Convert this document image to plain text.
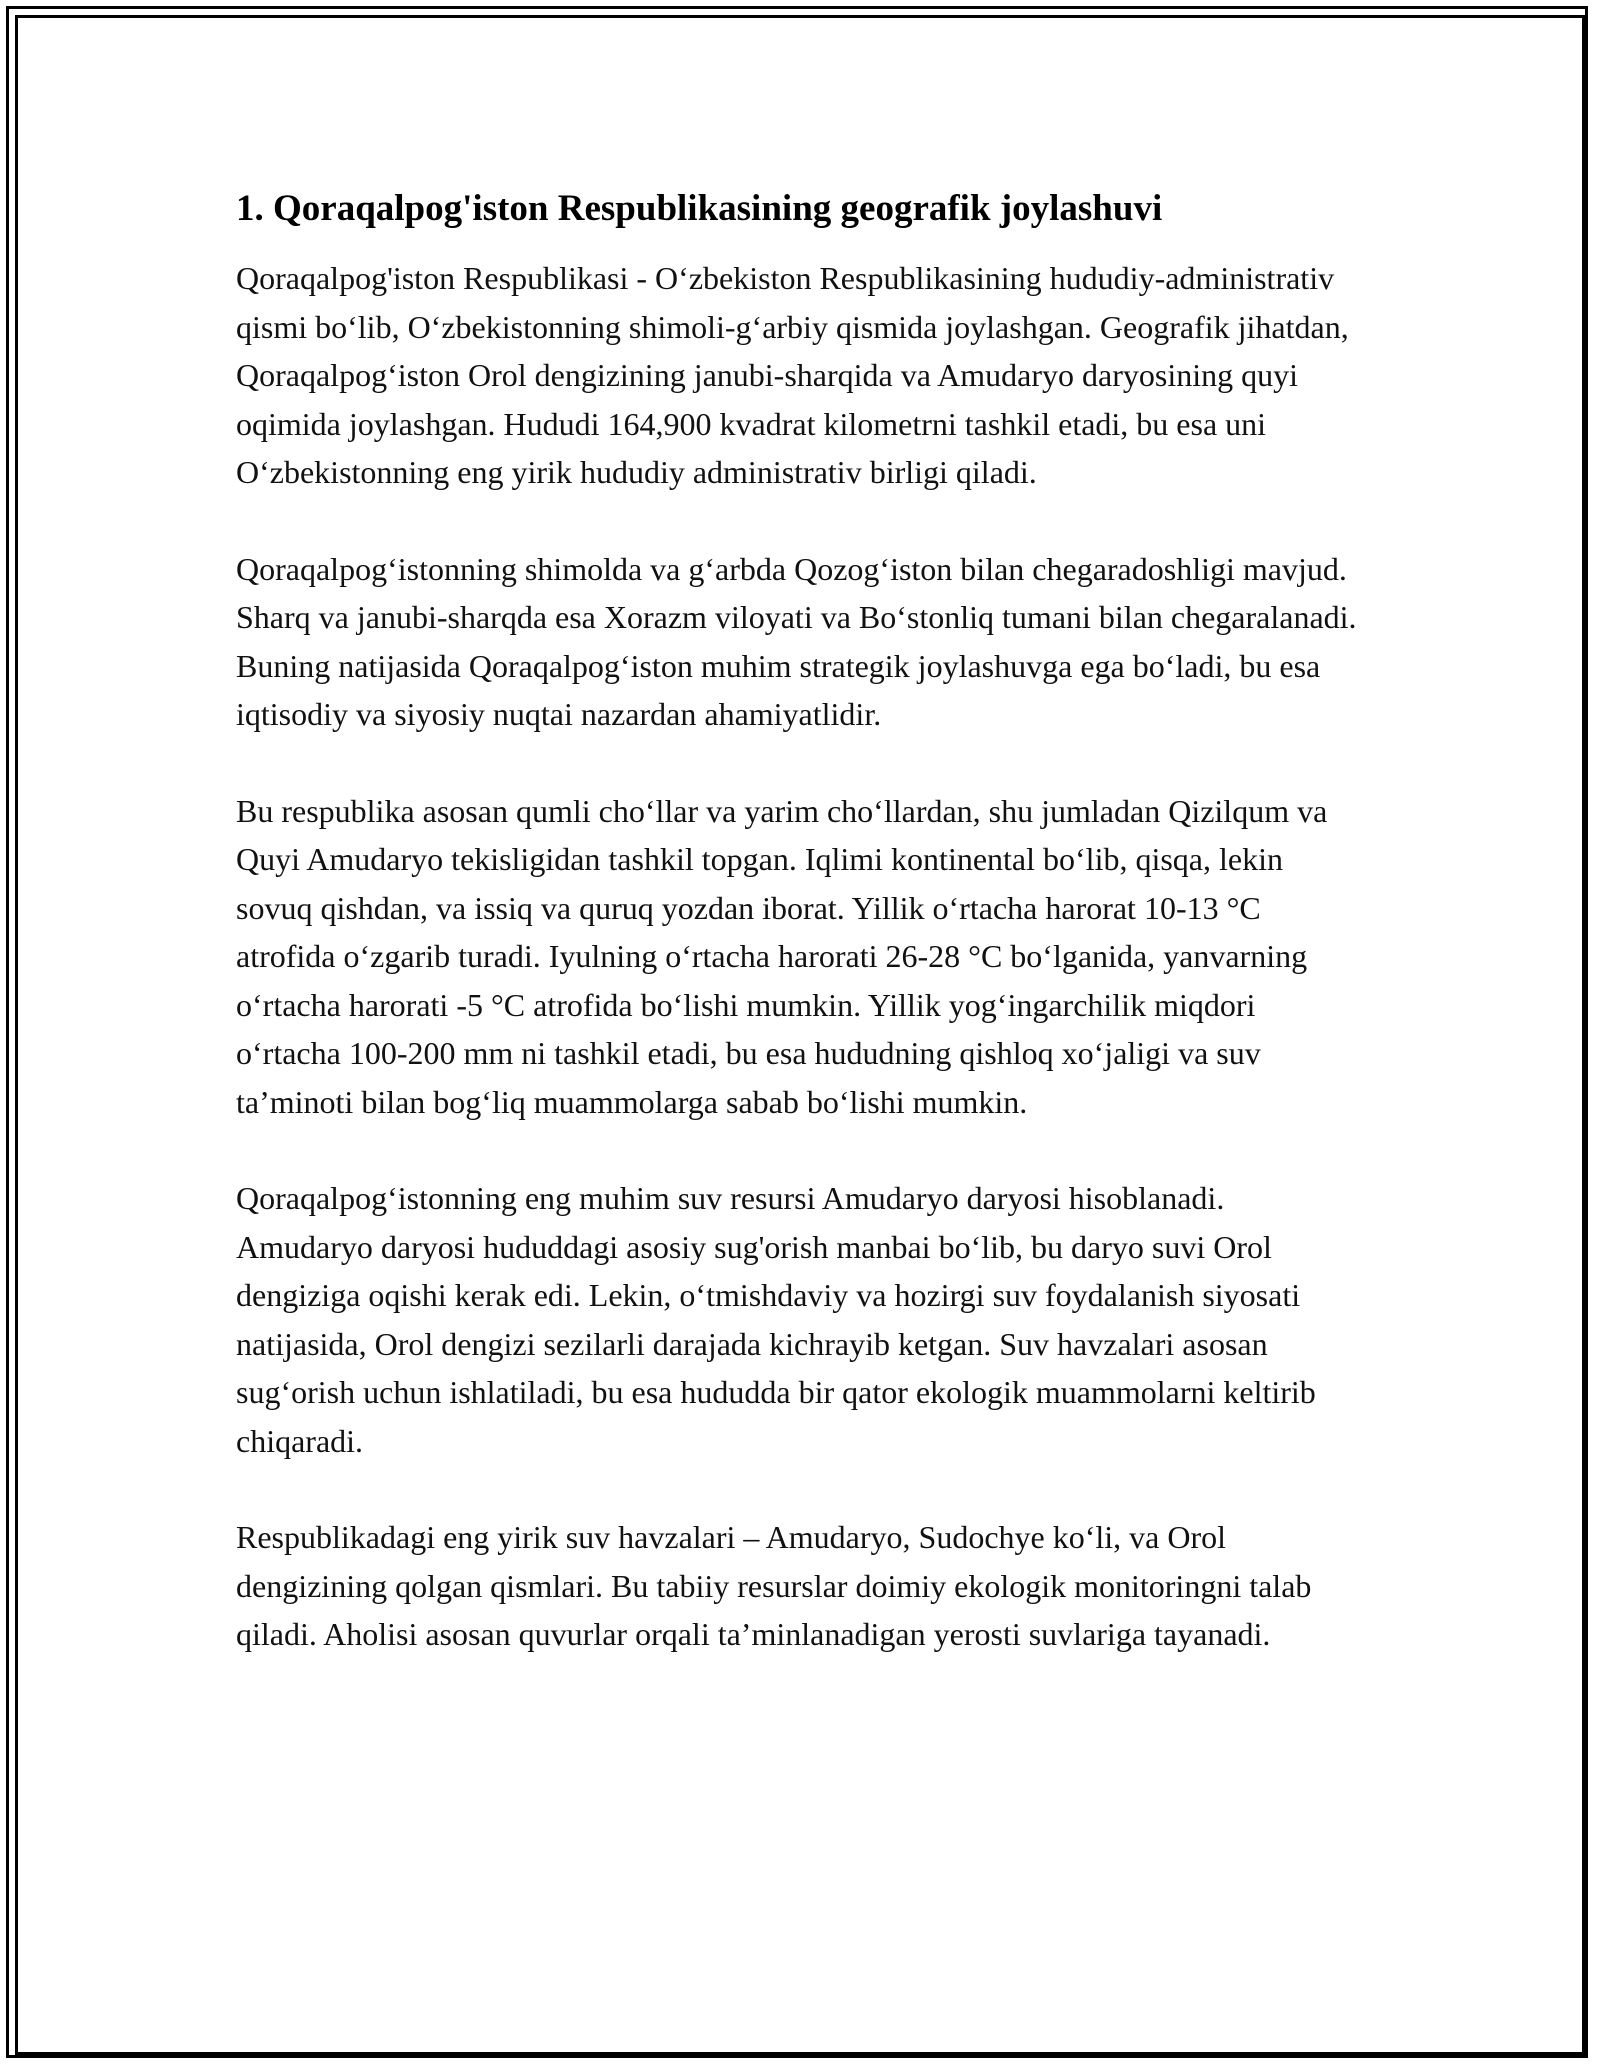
1. Qoraqalpog'iston Respublikasining geografik joylashuvi

Qoraqalpog'iston Respublikasi - O‘zbekiston Respublikasining hududiy-administrativ qismi bo‘lib, O‘zbekistonning shimoli-g‘arbiy qismida joylashgan. Geografik jihatdan, Qoraqalpog‘iston Orol dengizining janubi-sharqida va Amudaryo daryosining quyi oqimida joylashgan. Hududi 164,900 kvadrat kilometrni tashkil etadi, bu esa uni O‘zbekistonning eng yirik hududiy administrativ birligi qiladi.

Qoraqalpog‘istonning shimolda va g‘arbda Qozog‘iston bilan chegaradoshligi mavjud. Sharq va janubi-sharqda esa Xorazm viloyati va Bo‘stonliq tumani bilan chegaralanadi. Buning natijasida Qoraqalpog‘iston muhim strategik joylashuvga ega bo‘ladi, bu esa iqtisodiy va siyosiy nuqtai nazardan ahamiyatlidir.

Bu respublika asosan qumli cho‘llar va yarim cho‘llardan, shu jumladan Qizilqum va Quyi Amudaryo tekisligidan tashkil topgan. Iqlimi kontinental bo‘lib, qisqa, lekin sovuq qishdan, va issiq va quruq yozdan iborat. Yillik o‘rtacha harorat 10-13 °C atrofida o‘zgarib turadi. Iyulning o‘rtacha harorati 26-28 °C bo‘lganida, yanvarning o‘rtacha harorati -5 °C atrofida bo‘lishi mumkin. Yillik yog‘ingarchilik miqdori o‘rtacha 100-200 mm ni tashkil etadi, bu esa hududning qishloq xo‘jaligi va suv ta’minoti bilan bog‘liq muammolarga sabab bo‘lishi mumkin.

Qoraqalpog‘istonning eng muhim suv resursi Amudaryo daryosi hisoblanadi. Amudaryo daryosi hududdagi asosiy sug'orish manbai bo‘lib, bu daryo suvi Orol dengiziga oqishi kerak edi. Lekin, o‘tmishdaviy va hozirgi suv foydalanish siyosati natijasida, Orol dengizi sezilarli darajada kichrayib ketgan. Suv havzalari asosan sug‘orish uchun ishlatiladi, bu esa hududda bir qator ekologik muammolarni keltirib chiqaradi.

Respublikadagi eng yirik suv havzalari – Amudaryo, Sudochye ko‘li, va Orol dengizining qolgan qismlari. Bu tabiiy resurslar doimiy ekologik monitoringni talab qiladi. Aholisi asosan quvurlar orqali ta’minlanadigan yerosti suvlariga tayanadi.
